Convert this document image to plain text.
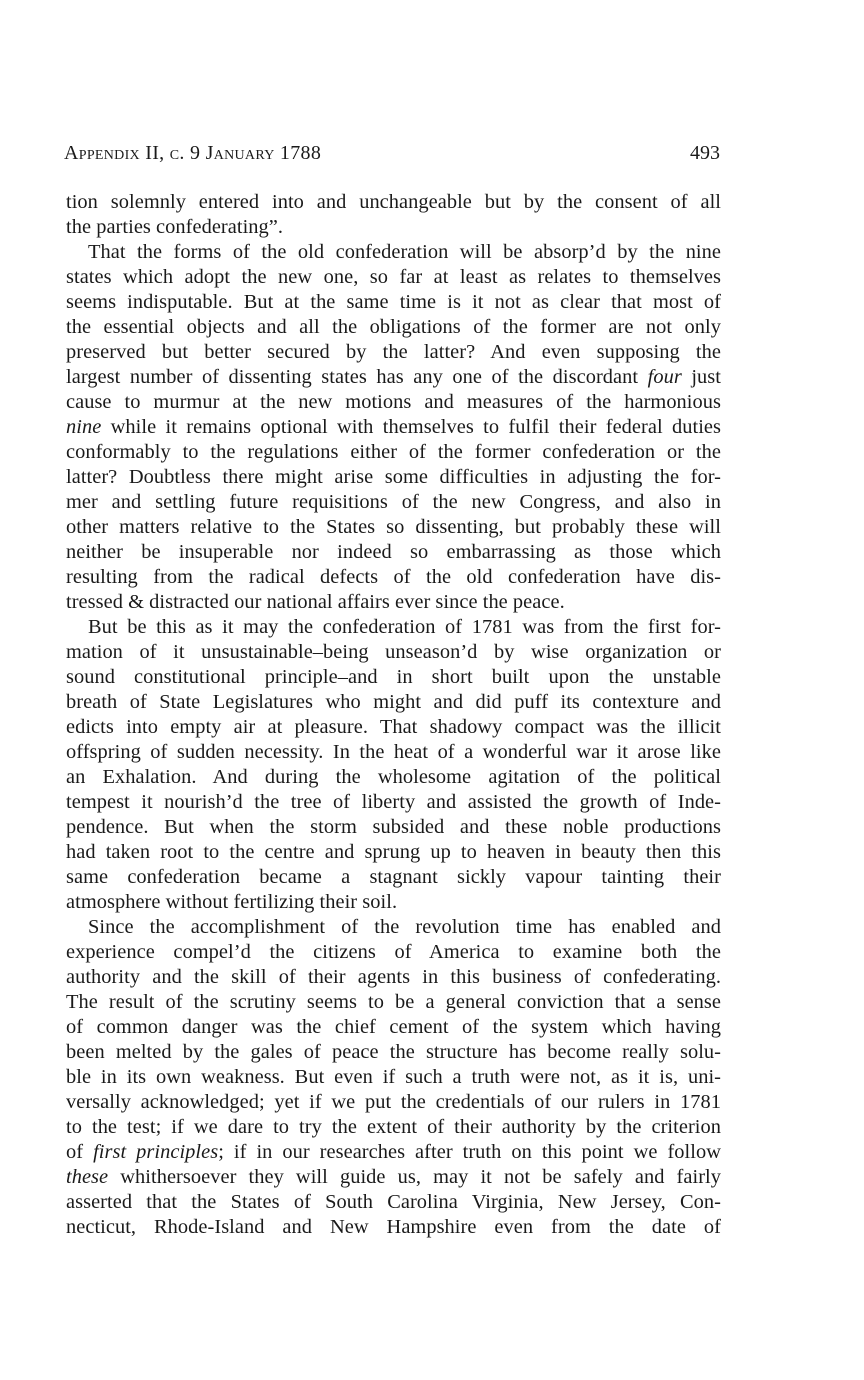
Appendix II, c. 9 January 1788	493
tion solemnly entered into and unchangeable but by the consent of all
the parties confederating”.
That the forms of the old confederation will be absorp’d by the nine
states which adopt the new one, so far at least as relates to themselves
seems indisputable. But at the same time is it not as clear that most of
the essential objects and all the obligations of the former are not only
preserved but better secured by the latter? And even supposing the
largest number of dissenting states has any one of the discordant four just
cause to murmur at the new motions and measures of the harmonious
nine while it remains optional with themselves to fulfil their federal duties
conformably to the regulations either of the former confederation or the
latter? Doubtless there might arise some difficulties in adjusting the for-
mer and settling future requisitions of the new Congress, and also in
other matters relative to the States so dissenting, but probably these will
neither be insuperable nor indeed so embarrassing as those which
resulting from the radical defects of the old confederation have dis-
tressed & distracted our national affairs ever since the peace.
But be this as it may the confederation of 1781 was from the first for-
mation of it unsustainable–being unseason’d by wise organization or
sound constitutional principle–and in short built upon the unstable
breath of State Legislatures who might and did puff its contexture and
edicts into empty air at pleasure. That shadowy compact was the illicit
offspring of sudden necessity. In the heat of a wonderful war it arose like
an Exhalation. And during the wholesome agitation of the political
tempest it nourish’d the tree of liberty and assisted the growth of Inde-
pendence. But when the storm subsided and these noble productions
had taken root to the centre and sprung up to heaven in beauty then this
same confederation became a stagnant sickly vapour tainting their
atmosphere without fertilizing their soil.
Since the accomplishment of the revolution time has enabled and
experience compel’d the citizens of America to examine both the
authority and the skill of their agents in this business of confederating.
The result of the scrutiny seems to be a general conviction that a sense
of common danger was the chief cement of the system which having
been melted by the gales of peace the structure has become really solu-
ble in its own weakness. But even if such a truth were not, as it is, uni-
versally acknowledged; yet if we put the credentials of our rulers in 1781
to the test; if we dare to try the extent of their authority by the criterion
of first principles; if in our researches after truth on this point we follow
these whithersoever they will guide us, may it not be safely and fairly
asserted that the States of South Carolina Virginia, New Jersey, Con-
necticut, Rhode-Island and New Hampshire even from the date of
